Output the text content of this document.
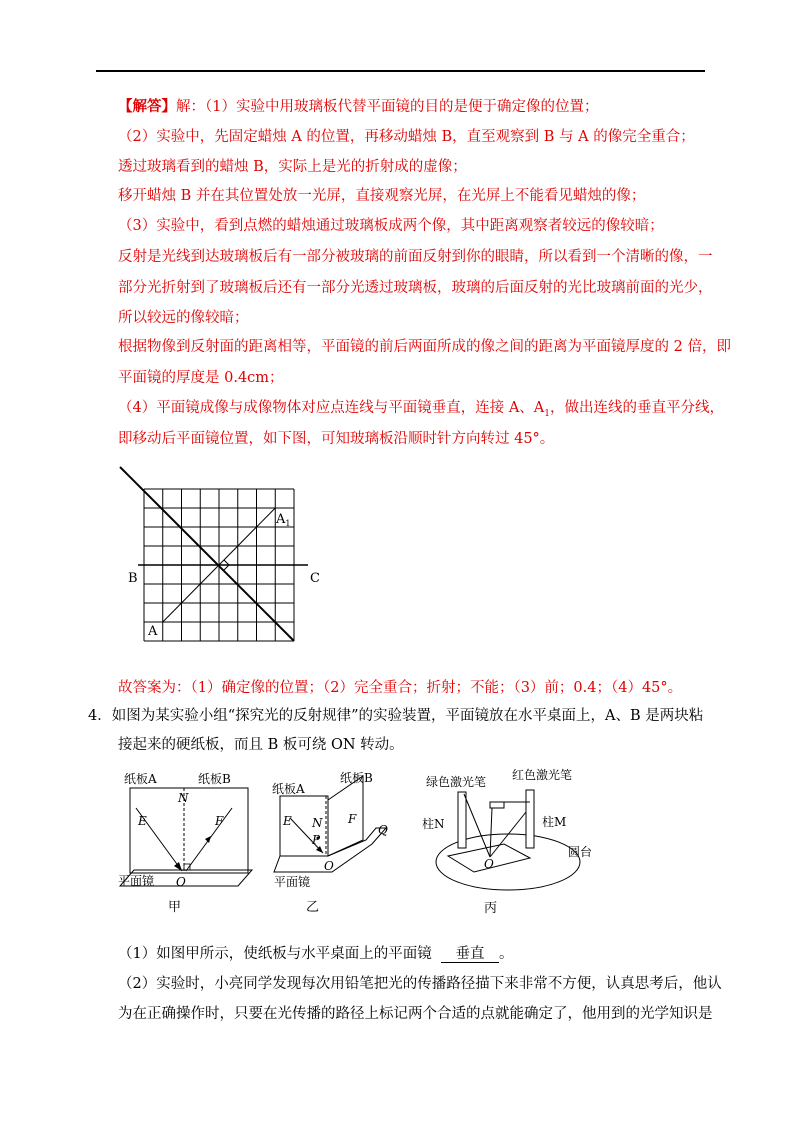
【解答】解：（1）实验中用玻璃板代替平面镜的目的是便于确定像的位置；
（2）实验中，先固定蜡烛 A 的位置，再移动蜡烛 B，直至观察到 B 与 A 的像完全重合；
透过玻璃看到的蜡烛 B，实际上是光的折射成的虚像；
移开蜡烛 B 并在其位置处放一光屏，直接观察光屏，在光屏上不能看见蜡烛的像；
（3）实验中，看到点燃的蜡烛通过玻璃板成两个像，其中距离观察者较远的像较暗；
反射是光线到达玻璃板后有一部分被玻璃的前面反射到你的眼睛，所以看到一个清晰的像，一
部分光折射到了玻璃板后还有一部分光透过玻璃板，玻璃的后面反射的光比玻璃前面的光少，
所以较远的像较暗；
根据物像到反射面的距离相等，平面镜的前后两面所成的像之间的距离为平面镜厚度的 2 倍，即
平面镜的厚度是 0.4cm；
（4）平面镜成像与成像物体对应点连线与平面镜垂直，连接 A、$A_1$，做出连线的垂直平分线，
即移动后平面镜位置，如下图，可知玻璃板沿顺时针方向转过 45°。
A
$A_1$
B	C
故答案为：（1）确定像的位置；（2）完全重合；折射；不能；（3）前；0.4；（4）45°。
4．如图为某实验小组“探究光的反射规律”的实验装置，平面镜放在水平桌面上，A、B 是两块粘
接起来的硬纸板，而且 B 板可绕 ON 转动。
纸板A	纸板B
E
N
F
O
平面镜
甲
纸板A
纸板B
E N
P
F
Q
O
平面镜
乙
绿色激光笔 红色激光笔
柱N	柱M
O
圆台
丙
（1）如图甲所示，使纸板与水平桌面上的平面镜 垂直 。
（2）实验时，小亮同学发现每次用铅笔把光的传播路径描下来非常不方便，认真思考后，他认
为在正确操作时，只要在光传播的路径上标记两个合适的点就能确定了，他用到的光学知识是
